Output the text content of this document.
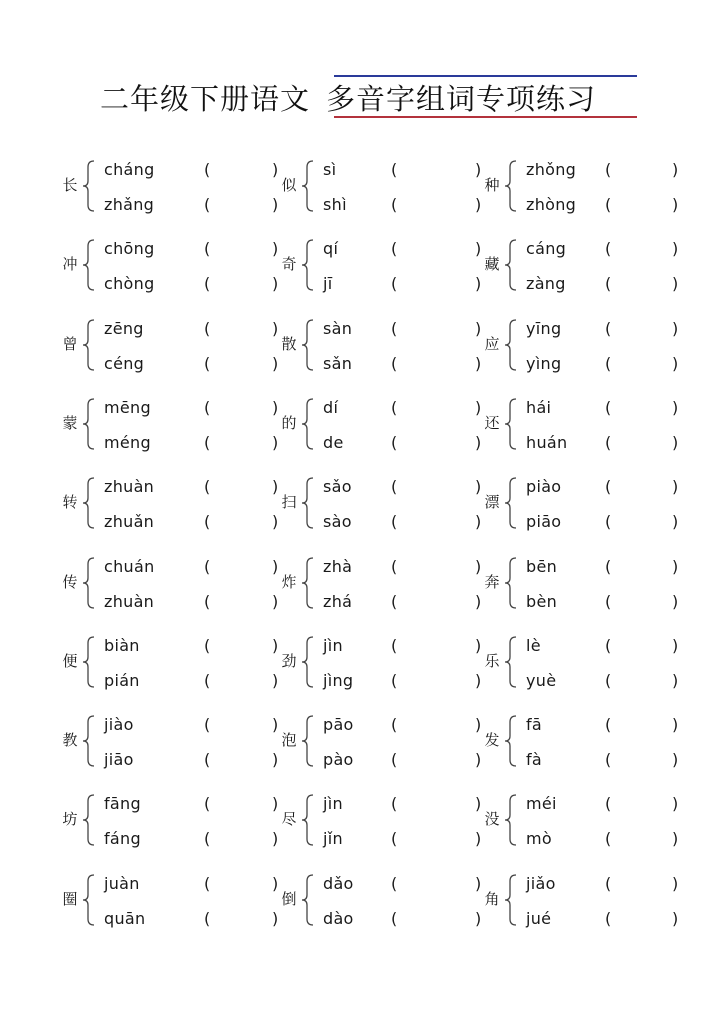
二年级下册语文 多音字组词专项练习
长
cháng	(	)
zhǎng	(	)
冲
chōng	(	)
chòng	(	)
曾
zēng	(	)
céng	(	)
蒙
mēng	(	)
méng	(	)
转
zhuàn	(	)
zhuǎn	(	)
传
chuán	(	)
zhuàn	(	)
便
biàn	(	)
pián	(	)
教
jiào	(	)
jiāo	(	)
坊
fāng	(	)
fáng	(	)
圈
juàn	(	)
quān	(	)
似
sì	(	)
shì	(	)
奇
qí	(	)
jī	(	)
散
sàn (	)
sǎn (	)
的
dí	(	)
de	(	)
扫
sǎo (	)
sào (	)
炸
zhà (	)
zhá (	)
劲
jìn	(	)
jìng (	)
泡
pāo (	)
pào (	)
尽
jìn	(	)
jǐn	(	)
倒
dǎo (	)
dào (	)
种
zhǒng (	)
zhòng (	)
藏
cáng (	)
zàng (	)
应
yīng	(	)
yìng	(	)
还
hái	(	)
huán (	)
漂
piào	(	)
piāo	(	)
奔
bēn	(	)
bèn	(	)
乐
lè	(	)
yuè	(	)
发
fā	(	)
fà	(	)
没
méi	(	)
mò	(	)
角
jiǎo	(	)
jué	(	)
